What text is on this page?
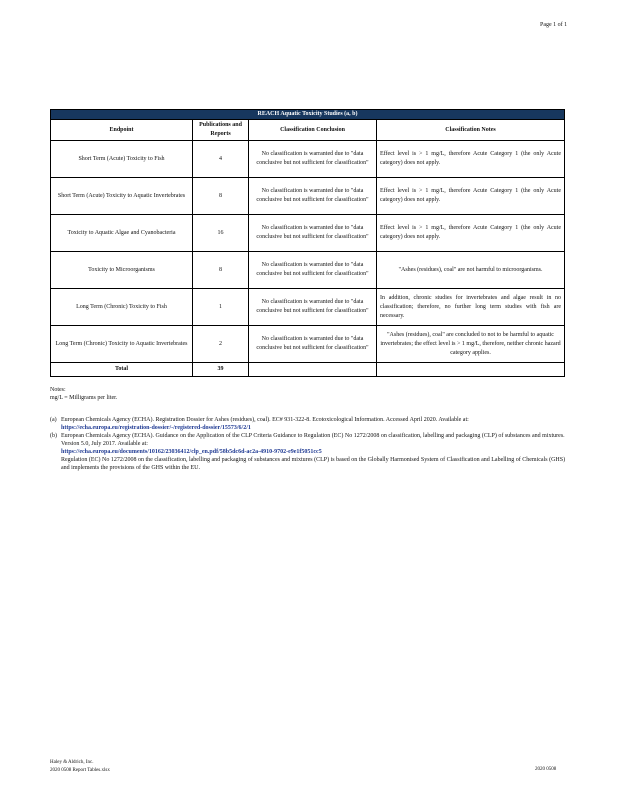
Page 1 of 1
REACH Aquatic Toxicity Studies (a, b)			
Endpoint	Publications and Reports	Classification Conclusion	Classification Notes
Short Term (Acute) Toxicity to Fish	4	No classification is warranted due to "data conclusive but not sufficient for classification"	Effect level is > 1 mg/L, therefore Acute Category 1 (the only Acute category) does not apply.
Short Term (Acute) Toxicity to Aquatic Invertebrates	8	No classification is warranted due to "data conclusive but not sufficient for classification"	Effect level is > 1 mg/L, therefore Acute Category 1 (the only Acute category) does not apply.
Toxicity to Aquatic Algae and Cyanobacteria	16	No classification is warranted due to "data conclusive but not sufficient for classification"	Effect level is > 1 mg/L, therefore Acute Category 1 (the only Acute category) does not apply.
Toxicity to Microorganisms	8	No classification is warranted due to "data conclusive but not sufficient for classification"	"Ashes (residues), coal" are not harmful to microorganisms.
Long Term (Chronic) Toxicity to Fish	1	No classification is warranted due to "data conclusive but not sufficient for classification"	In addition, chronic studies for invertebrates and algae result in no classification; therefore, no further long term studies with fish are necessary.
Long Term (Chronic) Toxicity to Aquatic Invertebrates	2	No classification is warranted due to "data conclusive but not sufficient for classification"	"Ashes (residues), coal" are concluded to not to be harmful to aquatic invertebrates; the effect level is > 1 mg/L, therefore, neither chronic hazard category applies.
Total	39		
Notes:
mg/L = Milligrams per liter.
(a) European Chemicals Agency (ECHA). Registration Dossier for Ashes (residues), coal). EC# 931-322-8. Ecotoxicological Information. Accessed April 2020. Available at:
https://echa.europa.eu/registration-dossier/-/registered-dossier/15573/6/2/1
(b) European Chemicals Agency (ECHA). Guidance on the Application of the CLP Criteria Guidance to Regulation (EC) No 1272/2008 on classification, labelling and packaging (CLP) of substances and mixtures. Version 5.0, July 2017. Available at:
https://echa.europa.eu/documents/10162/23036412/clp_en.pdf/58b5dc6d-ac2a-4910-9702-e9e1f5051cc5
Regulation (EC) No 1272/2008 on the classification, labelling and packaging of substances and mixtures (CLP) is based on the Globally Harmonised System of Classification and Labelling of Chemicals (GHS) and implements the provisions of the GHS within the EU.
Haley & Aldrich, Inc.
2020 0508 Report Tables.xlsx	2020 0508
